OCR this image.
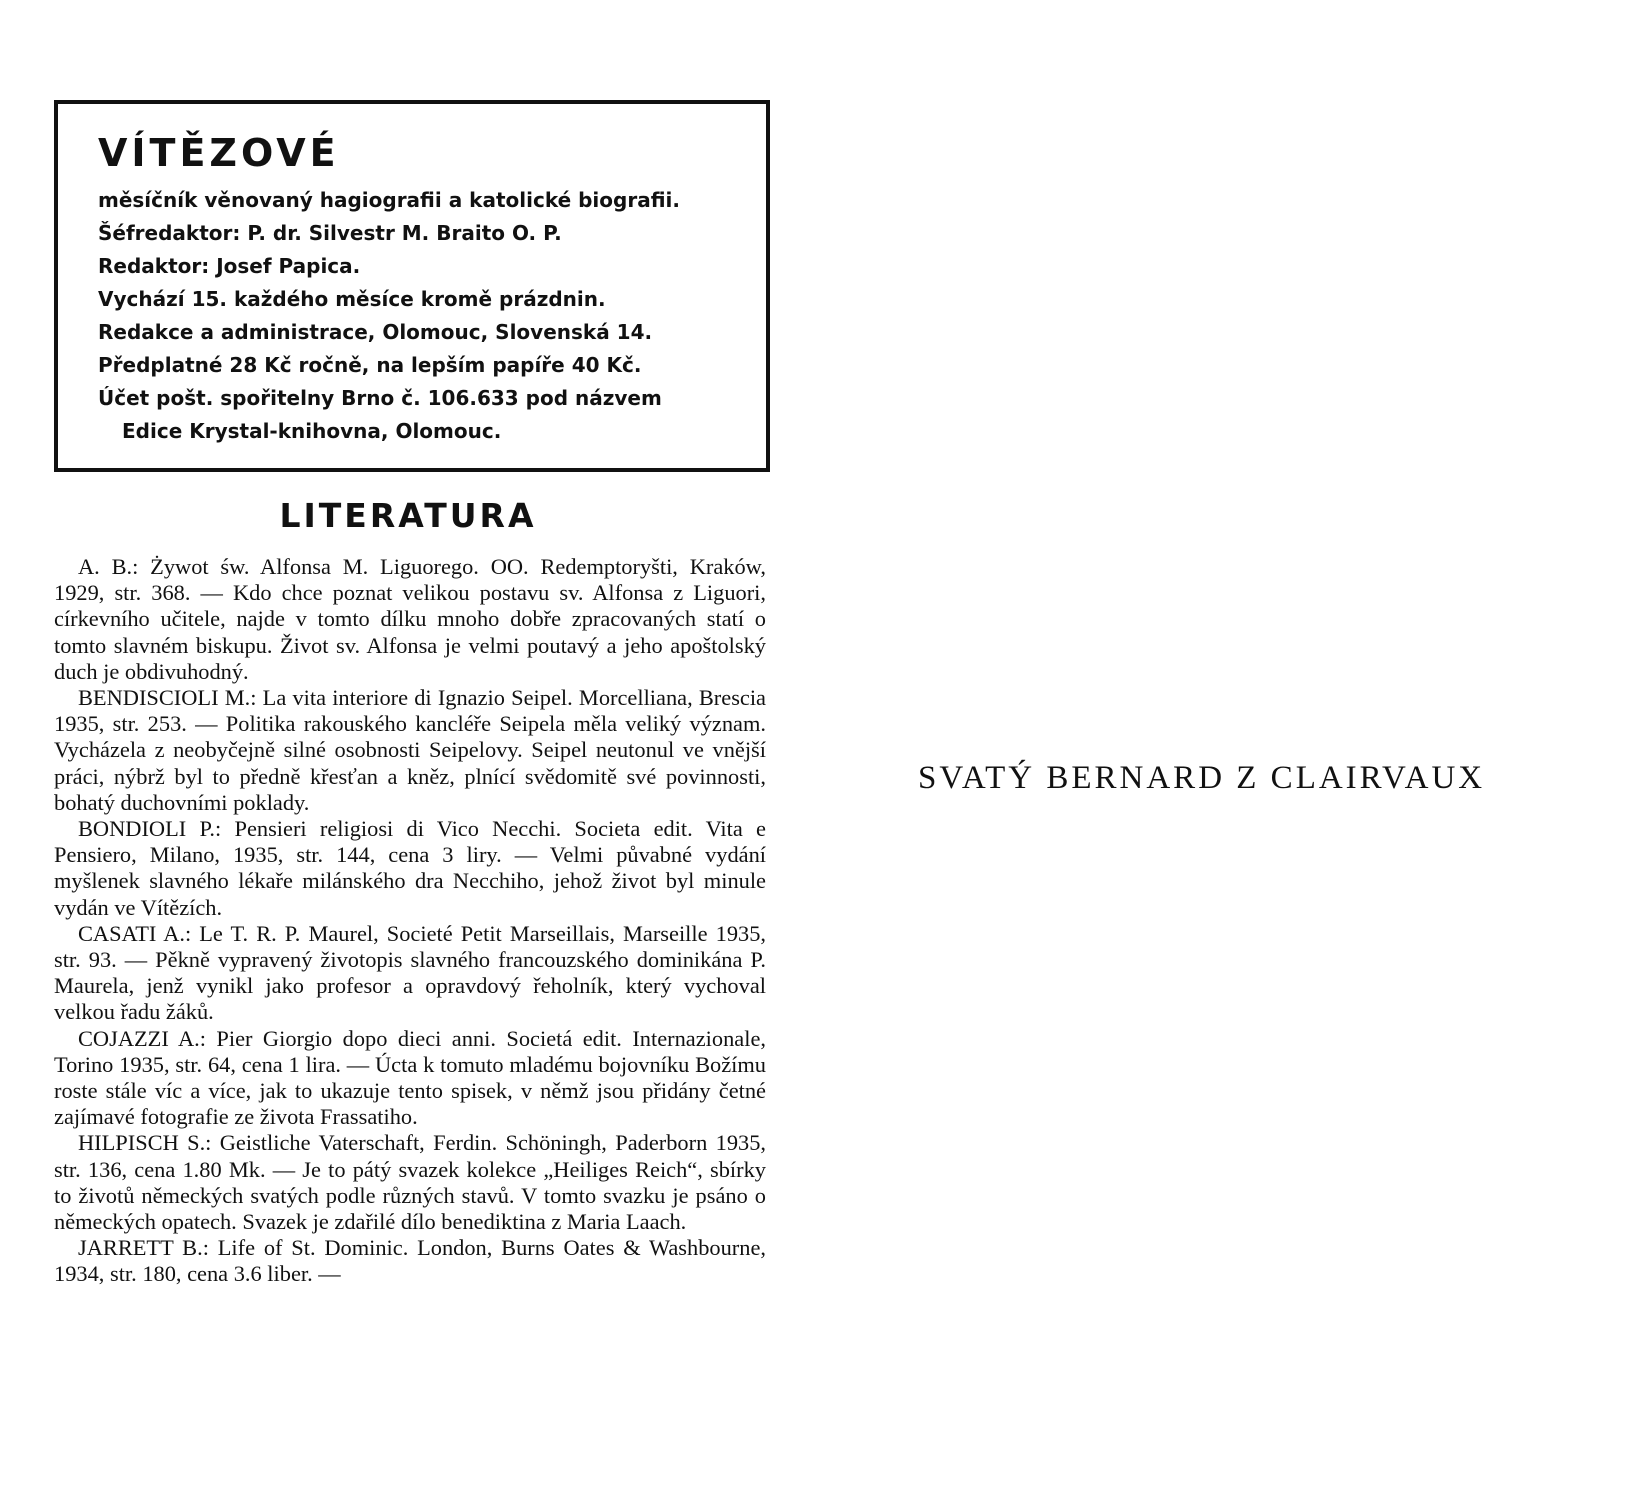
VÍTĚZOVÉ
měsíčník věnovaný hagiografii a katolické biografii.
Šéfredaktor: P. dr. Silvestr M. Braito O. P.
Redaktor: Josef Papica.
Vychází 15. každého měsíce kromě prázdnin.
Redakce a administrace, Olomouc, Slovenská 14.
Předplatné 28 Kč ročně, na lepším papíře 40 Kč.
Účet pošt. spořitelny Brno č. 106.633 pod názvem
Edice Krystal-knihovna, Olomouc.
LITERATURA

A. B.: Żywot św. Alfonsa M. Liguorego. OO. Redemptoryšti, Kraków, 1929, str. 368. — Kdo chce poznat velikou postavu sv. Alfonsa z Liguori, církevního učitele, najde v tomto dílku mnoho dobře zpracovaných statí o tomto slavném biskupu. Život sv. Alfonsa je velmi poutavý a jeho apoštolský duch je obdivuhodný.

BENDISCIOLI M.: La vita interiore di Ignazio Seipel. Morcelliana, Brescia 1935, str. 253. — Politika rakouského kancléře Seipela měla veliký význam. Vycházela z neobyčejně silné osobnosti Seipelovy. Seipel neutonul ve vnější práci, nýbrž byl to předně křesťan a kněz, plnící svědomitě své povinnosti, bohatý duchovními poklady.

BONDIOLI P.: Pensieri religiosi di Vico Necchi. Societa edit. Vita e Pensiero, Milano, 1935, str. 144, cena 3 liry. — Velmi půvabné vydání myšlenek slavného lékaře milánského dra Necchiho, jehož život byl minule vydán ve Vítězích.

CASATI A.: Le T. R. P. Maurel, Societé Petit Marseillais, Marseille 1935, str. 93. — Pěkně vypravený životopis slavného francouzského dominikána P. Maurela, jenž vynikl jako profesor a opravdový řeholník, který vychoval velkou řadu žáků.

COJAZZI A.: Pier Giorgio dopo dieci anni. Societá edit. Internazionale, Torino 1935, str. 64, cena 1 lira. — Úcta k tomuto mladému bojovníku Božímu roste stále víc a více, jak to ukazuje tento spisek, v němž jsou přidány četné zajímavé fotografie ze života Frassatiho.

HILPISCH S.: Geistliche Vaterschaft, Ferdin. Schöningh, Paderborn 1935, str. 136, cena 1.80 Mk. — Je to pátý svazek kolekce „Heiliges Reich“, sbírky to životů německých svatých podle různých stavů. V tomto svazku je psáno o německých opatech. Svazek je zdařilé dílo benediktina z Maria Laach.

JARRETT B.: Life of St. Dominic. London, Burns Oates & Washbourne, 1934, str. 180, cena 3.6 liber. —

SVATÝ BERNARD Z CLAIRVAUX
